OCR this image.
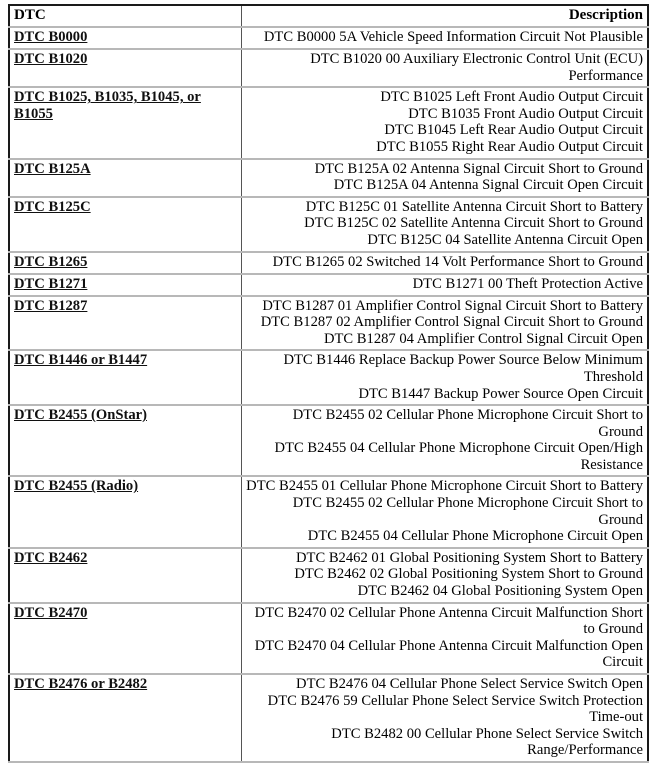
DTC	Description
DTC B0000	DTC B0000 5A Vehicle Speed Information Circuit Not Plausible

DTC B1020	DTC B1020 00 Auxiliary Electronic Control Unit (ECU) Performance

DTC B1025, B1035, B1045, or B1055	DTC B1025 Left Front Audio Output Circuit
DTC B1035 Front Audio Output Circuit
DTC B1045 Left Rear Audio Output Circuit
DTC B1055 Right Rear Audio Output Circuit

DTC B125A	DTC B125A 02 Antenna Signal Circuit Short to Ground
DTC B125A 04 Antenna Signal Circuit Open Circuit

DTC B125C	DTC B125C 01 Satellite Antenna Circuit Short to Battery
DTC B125C 02 Satellite Antenna Circuit Short to Ground
DTC B125C 04 Satellite Antenna Circuit Open

DTC B1265	DTC B1265 02 Switched 14 Volt Performance Short to Ground

DTC B1271	DTC B1271 00 Theft Protection Active

DTC B1287	DTC B1287 01 Amplifier Control Signal Circuit Short to Battery
DTC B1287 02 Amplifier Control Signal Circuit Short to Ground
DTC B1287 04 Amplifier Control Signal Circuit Open

DTC B1446 or B1447	DTC B1446 Replace Backup Power Source Below Minimum Threshold
DTC B1447 Backup Power Source Open Circuit

DTC B2455 (OnStar)	DTC B2455 02 Cellular Phone Microphone Circuit Short to Ground
DTC B2455 04 Cellular Phone Microphone Circuit Open/High Resistance

DTC B2455 (Radio)	DTC B2455 01 Cellular Phone Microphone Circuit Short to Battery
DTC B2455 02 Cellular Phone Microphone Circuit Short to Ground
DTC B2455 04 Cellular Phone Microphone Circuit Open

DTC B2462	DTC B2462 01 Global Positioning System Short to Battery
DTC B2462 02 Global Positioning System Short to Ground
DTC B2462 04 Global Positioning System Open

DTC B2470	DTC B2470 02 Cellular Phone Antenna Circuit Malfunction Short to Ground
DTC B2470 04 Cellular Phone Antenna Circuit Malfunction Open Circuit

DTC B2476 or B2482	DTC B2476 04 Cellular Phone Select Service Switch Open
DTC B2476 59 Cellular Phone Select Service Switch Protection Time-out
DTC B2482 00 Cellular Phone Select Service Switch Range/Performance
